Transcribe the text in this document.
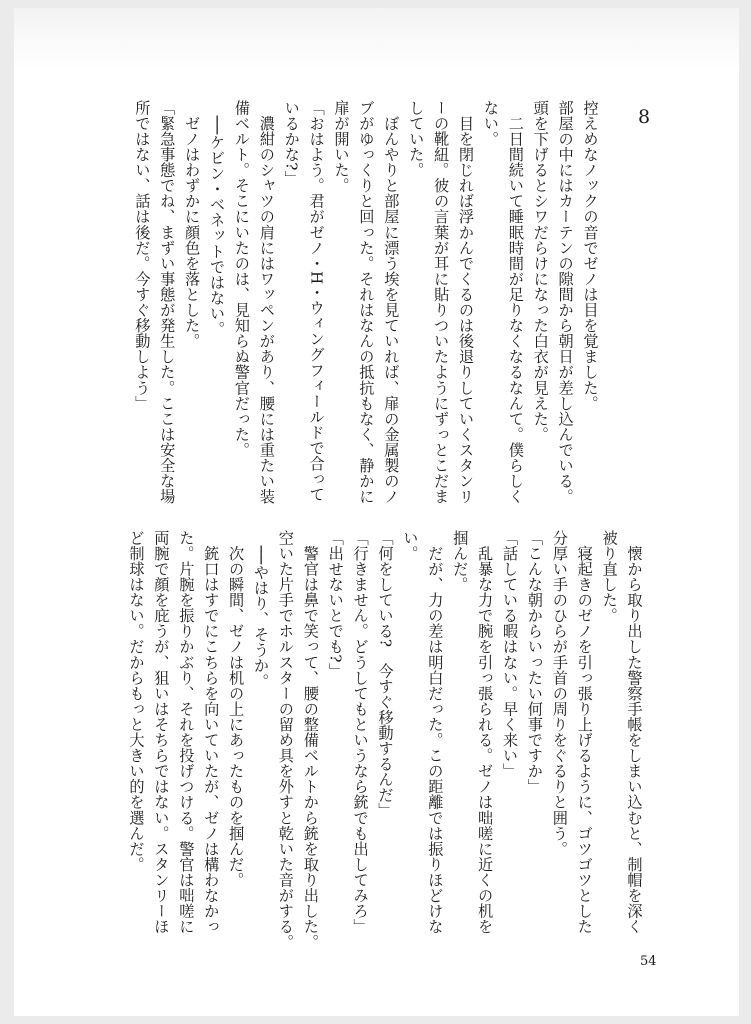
8
控えめなノックの音でゼノは目を覚ました。
部屋の中にはカーテンの隙間から朝日が差し込んでいる。
頭を下げるとシワだらけになった白衣が見えた。
　二日間続いて睡眠時間が足りなくなるなんて。僕らしく
ない。
　目を閉じれば浮かんでくるのは後退りしていくスタンリ
ーの靴紐。彼の言葉が耳に貼りついたようにずっとこだま
していた。
　ぼんやりと部屋に漂う埃を見ていれば、扉の金属製のノ
ブがゆっくりと回った。それはなんの抵抗もなく、静かに
扉が開いた。
「おはよう。君がゼノ・H・ウィングフィールドで合って
いるかな?」
　濃紺のシャツの肩にはワッペンがあり、腰には重たい装
備ベルト。そこにいたのは、見知らぬ警官だった。
　──ケビン・ベネットではない。
　ゼノはわずかに顔色を落とした。
「緊急事態でね、まずい事態が発生した。ここは安全な場
所ではない、話は後だ。今すぐ移動しよう」
　懐から取り出した警察手帳をしまい込むと、制帽を深く
被り直した。
　寝起きのゼノを引っ張り上げるように、ゴツゴツとした
分厚い手のひらが手首の周りをぐるりと囲う。
「こんな朝からいったい何事ですか」
「話している暇はない。早く来い」
　乱暴な力で腕を引っ張られる。ゼノは咄嗟に近くの机を
掴んだ。
　だが、力の差は明白だった。この距離では振りほどけな
い。
「何をしている?　今すぐ移動するんだ」
「行きません。どうしてもというなら銃でも出してみろ」
「出せないとでも?」
　警官は鼻で笑って、腰の整備ベルトから銃を取り出した。
空いた片手でホルスターの留め具を外すと乾いた音がする。
　──やはり、そうか。
　次の瞬間、ゼノは机の上にあったものを掴んだ。
　銃口はすでにこちらを向いていたが、ゼノは構わなかっ
た。片腕を振りかぶり、それを投げつける。警官は咄嗟に
両腕で顔を庇うが、狙いはそちらではない。スタンリーほ
ど制球はない。だからもっと大きい的を選んだ。
54
